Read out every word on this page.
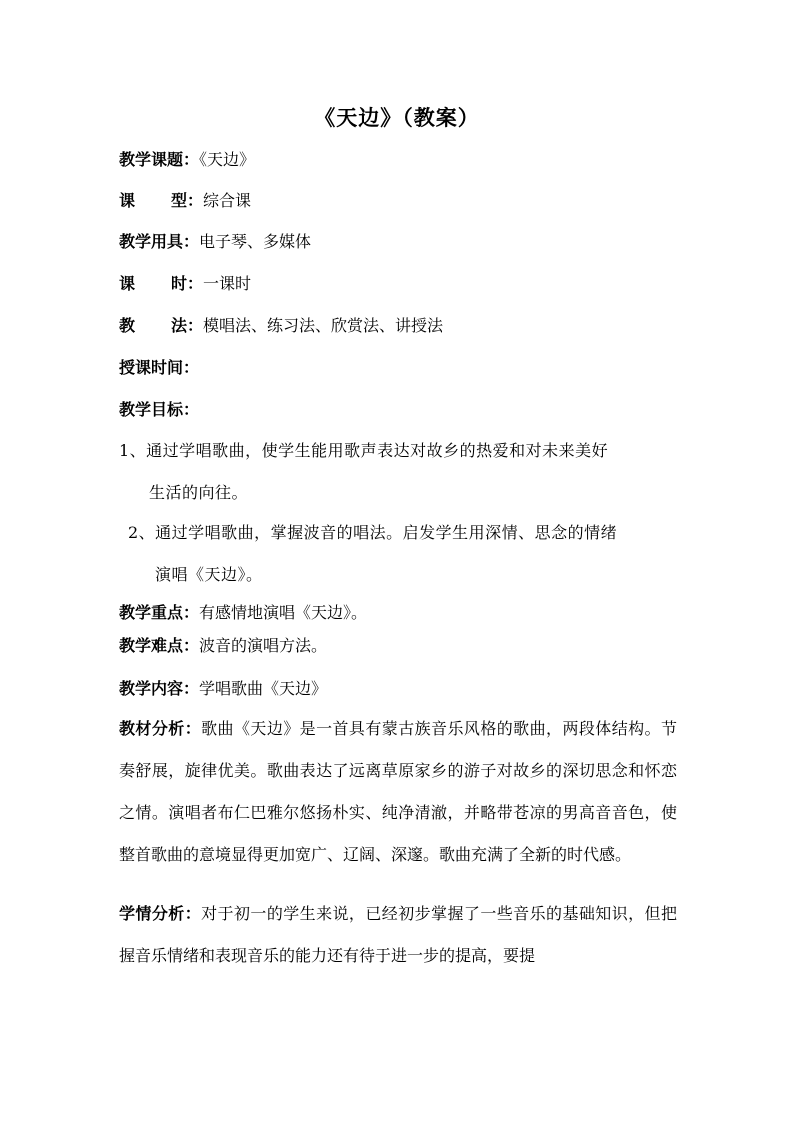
《天边》（教案）
教学课题：《天边》
课 型：综合课
教学用具：电子琴、多媒体
课 时：一课时
教 法：模唱法、练习法、欣赏法、讲授法
授课时间：
教学目标：
1、通过学唱歌曲，使学生能用歌声表达对故乡的热爱和对未来美好
生活的向往。
2、通过学唱歌曲，掌握波音的唱法。启发学生用深情、思念的情绪
演唱《天边》。
教学重点：有感情地演唱《天边》。
教学难点：波音的演唱方法。
教学内容：学唱歌曲《天边》
教材分析：歌曲《天边》是一首具有蒙古族音乐风格的歌曲，两段体结构。节奏舒展，旋律优美。歌曲表达了远离草原家乡的游子对故乡的深切思念和怀恋之情。演唱者布仁巴雅尔悠扬朴实、纯净清澈，并略带苍凉的男高音音色，使整首歌曲的意境显得更加宽广、辽阔、深邃。歌曲充满了全新的时代感。
学情分析：对于初一的学生来说，已经初步掌握了一些音乐的基础知识，但把握音乐情绪和表现音乐的能力还有待于进一步的提高，要提
